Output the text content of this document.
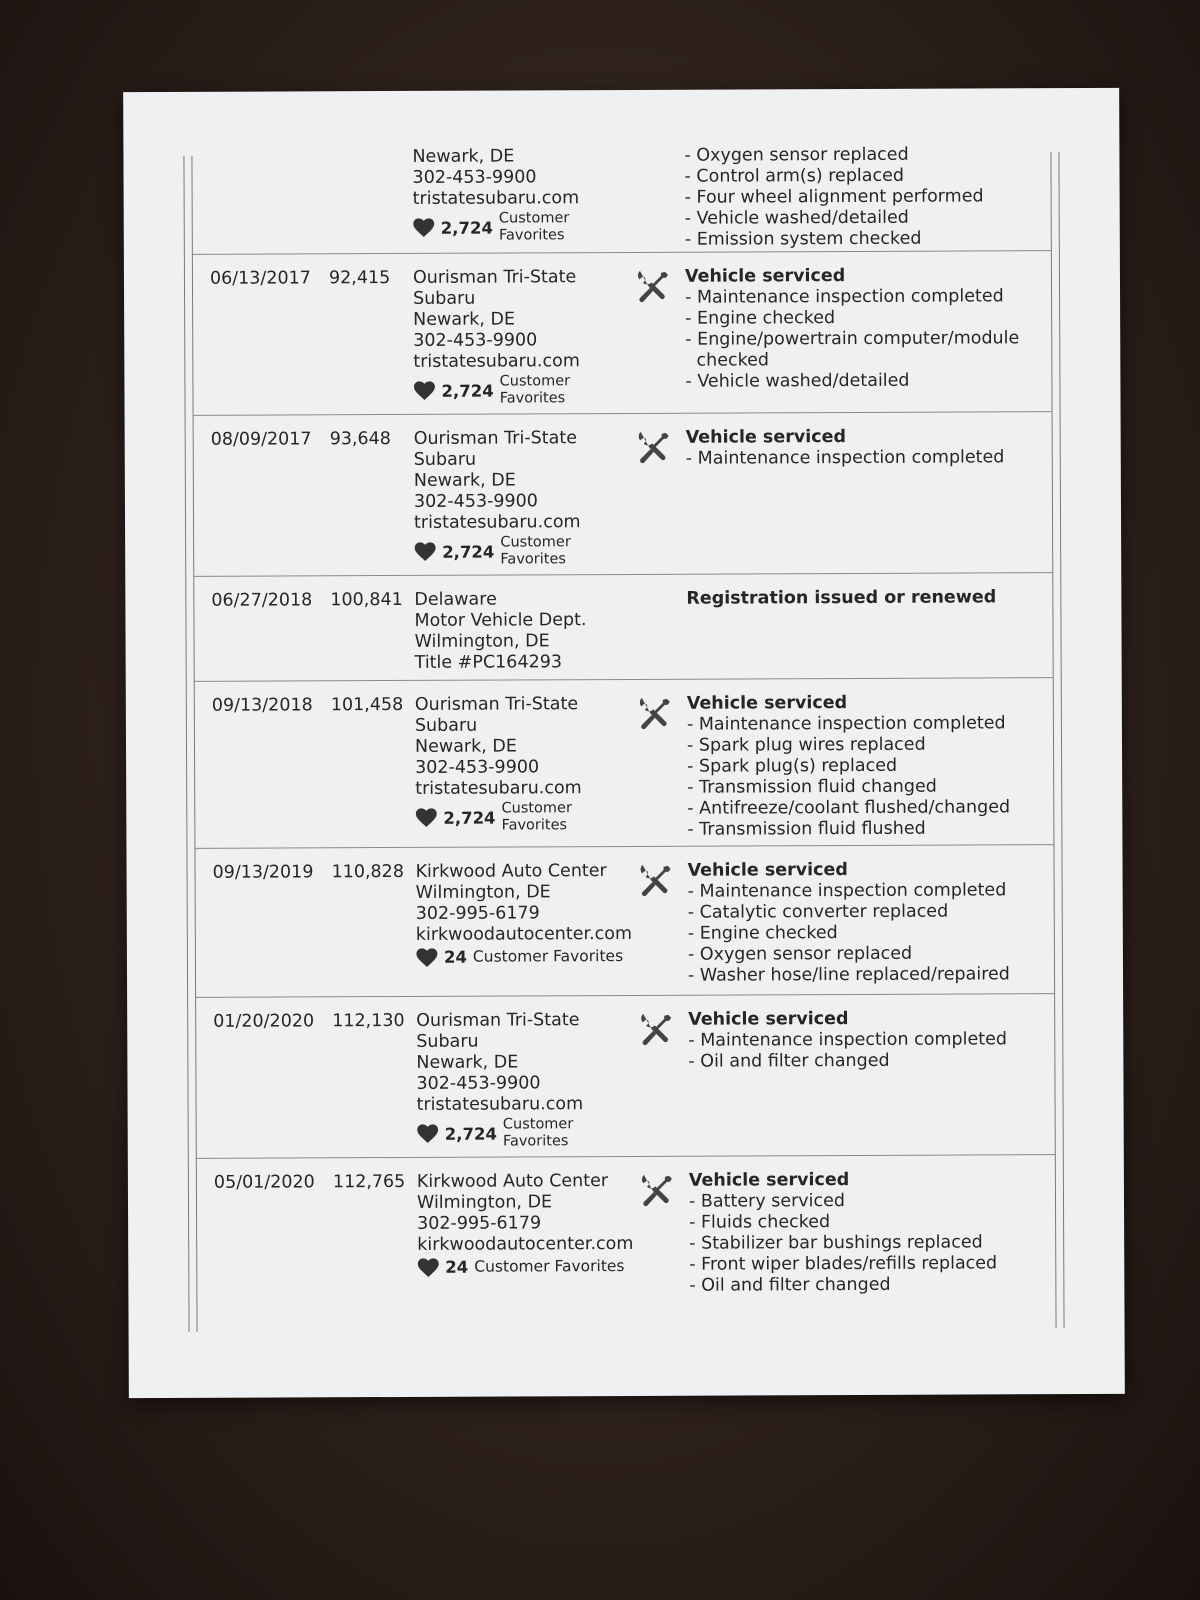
Newark, DE
302-453-9900
tristatesubaru.com
2,724 Customer
Favorites
- Oxygen sensor replaced
- Control arm(s) replaced
- Four wheel alignment performed
- Vehicle washed/detailed
- Emission system checked
06/13/2017 92,415 Ourisman Tri-State
Subaru
Newark, DE
302-453-9900
tristatesubaru.com
2,724 Customer
Favorites
Vehicle serviced
- Maintenance inspection completed
- Engine checked
- Engine/powertrain computer/module
checked
- Vehicle washed/detailed
08/09/2017 93,648 Ourisman Tri-State
Subaru
Newark, DE
302-453-9900
tristatesubaru.com
2,724 Customer
Favorites
Vehicle serviced
- Maintenance inspection completed
06/27/2018 100,841 Delaware
Motor Vehicle Dept.
Wilmington, DE
Title #PC164293
Registration issued or renewed
09/13/2018 101,458 Ourisman Tri-State
Subaru
Newark, DE
302-453-9900
tristatesubaru.com
2,724 Customer
Favorites
Vehicle serviced
- Maintenance inspection completed
- Spark plug wires replaced
- Spark plug(s) replaced
- Transmission fluid changed
- Antifreeze/coolant flushed/changed
- Transmission fluid flushed
09/13/2019 110,828 Kirkwood Auto Center
Wilmington, DE
302-995-6179
kirkwoodautocenter.com
24 Customer Favorites
Vehicle serviced
- Maintenance inspection completed
- Catalytic converter replaced
- Engine checked
- Oxygen sensor replaced
- Washer hose/line replaced/repaired
01/20/2020 112,130 Ourisman Tri-State
Subaru
Newark, DE
302-453-9900
tristatesubaru.com
2,724 Customer
Favorites
Vehicle serviced
- Maintenance inspection completed
- Oil and filter changed
05/01/2020 112,765 Kirkwood Auto Center
Wilmington, DE
302-995-6179
kirkwoodautocenter.com
24 Customer Favorites
Vehicle serviced
- Battery serviced
- Fluids checked
- Stabilizer bar bushings replaced
- Front wiper blades/refills replaced
- Oil and filter changed
